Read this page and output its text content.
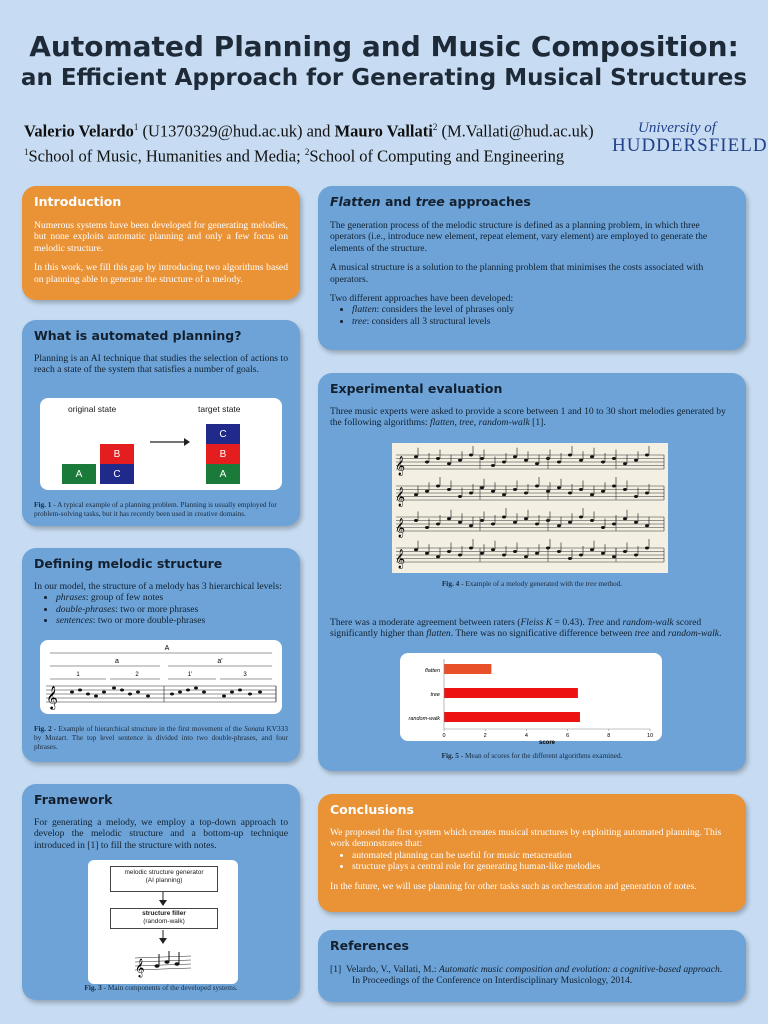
Automated Planning and Music Composition:
an Efficient Approach for Generating Musical Structures
Valerio Velardo$^1$ (U1370329@hud.ac.uk) and Mauro Vallati$^2$ (M.Vallati@hud.ac.uk)
$^1$School of Music, Humanities and Media; $^2$School of Computing and Engineering
University of
HUDDERSFIELD
Introduction

Numerous systems have been developed for generating melodies, but none exploits automatic planning and only a few focus on melodic structure.

In this work, we fill this gap by introducing two algorithms based on planning able to generate the structure of a melody.

What is automated planning?

Planning is an AI technique that studies the selection of actions to reach a state of the system that satisfies a number of goals.

original state	target state
A	C
B
A
B
C
Fig. 1 - A typical example of a planning problem. Planning is usually employed for problem-solving tasks, but it has recently been used in creative domains.
Defining melodic structure
In our model, the structure of a melody has 3 hierarchical levels:
• phrases: group of few notes
• double-phrases: two or more phrases
• sentences: two or more double-phrases
A
a	a'
1	2	1'	3
𝄞
Fig. 2 - Example of hierarchical structure in the first movement of the Sonata KV333 by Mozart. The top level sentence is divided into two double-phrases, and four phrases.
Framework

For generating a melody, we employ a top-down approach to develop the melodic structure and a bottom-up technique introduced in [1] to fill the structure with notes.

melodic structure generator
(AI planning)
structure filler
(random-walk)
𝄞
Fig. 3 - Main components of the developed systems.
Flatten and tree approaches

The generation process of the melodic structure is defined as a planning problem, in which three operators (i.e., introduce new element, repeat element, vary element) are employed to generate the elements of the structure.

A musical structure is a solution to the planning problem that minimises the costs associated with operators.

Two different approaches have been developed:
• flatten: considers the level of phrases only
• tree: considers all 3 structural levels
Experimental evaluation
Three music experts were asked to provide a score between 1 and 10 to 30 short melodies generated by the following algorithms: flatten, tree, random-walk [1].
𝄞
𝄞
𝄞
𝄞
Fig. 4 - Example of a melody generated with the tree method.
There was a moderate agreement between raters (Fleiss K = 0.43). Tree and random-walk scored significantly higher than flatten. There was no significative difference between tree and random-walk.
flatten
tree
random-walk
0	2	4	6	8	10
score
Fig. 5 - Mean of scores for the different algorithms examined.
Conclusions
We proposed the first system which creates musical structures by exploiting automated planning. This work demonstrates that:
• automated planning can be useful for music metacreation
• structure plays a central role for generating human-like melodies
In the future, we will use planning for other tasks such as orchestration and generation of notes.
References
[1] Velardo, V., Vallati, M.: Automatic music composition and evolution: a cognitive-based approach.
In Proceedings of the Conference on Interdisciplinary Musicology, 2014.
